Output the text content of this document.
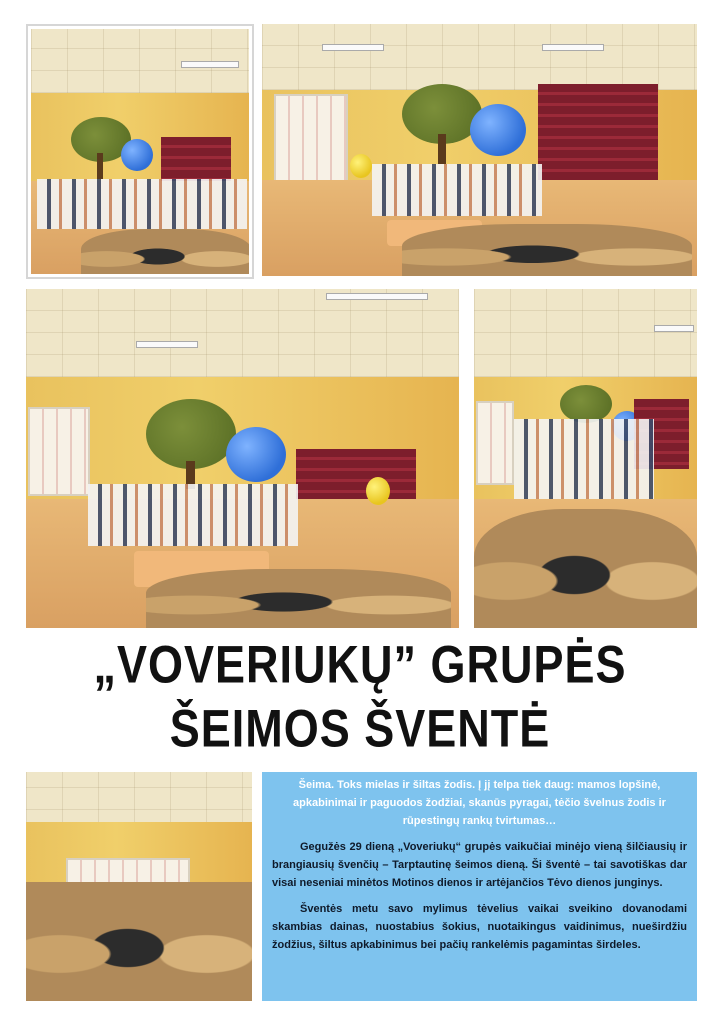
„VOVERIUKŲ” GRUPĖS
ŠEIMOS ŠVENTĖ

Šeima. Toks mielas ir šiltas žodis. Į jį telpa tiek daug: mamos lopšinė, apkabinimai ir paguodos žodžiai, skanūs pyragai, tėčio švelnus žodis ir rūpestingų rankų tvirtumas…

Gegužės 29 dieną „Voveriukų“ grupės vaikučiai minėjo vieną šilčiausių ir brangiausių švenčių – Tarptautinę šeimos dieną. Ši šventė – tai savotiškas dar visai neseniai minėtos Motinos dienos ir artėjančios Tėvo dienos junginys.

Šventės metu savo mylimus tėvelius vaikai sveikino dovanodami skambias dainas, nuostabius šokius, nuotaikingus vaidinimus, nueširdžiu žodžius, šiltus apkabinimus bei pačių rankelėmis pagamintas širdeles.
